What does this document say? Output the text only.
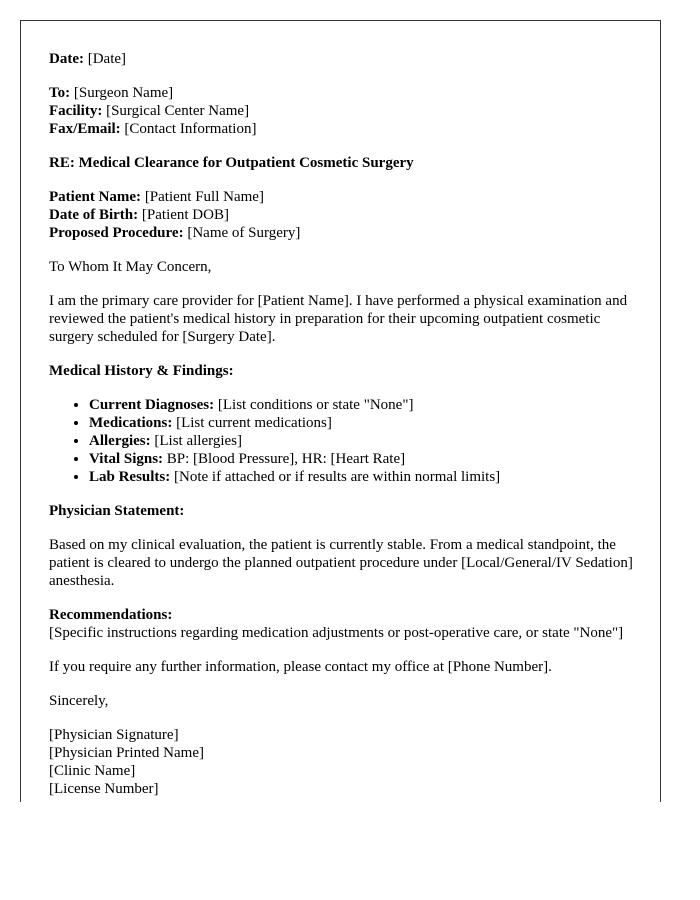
Date: [Date]

To: [Surgeon Name]
Facility: [Surgical Center Name]
Fax/Email: [Contact Information]

RE: Medical Clearance for Outpatient Cosmetic Surgery

Patient Name: [Patient Full Name]
Date of Birth: [Patient DOB]
Proposed Procedure: [Name of Surgery]

To Whom It May Concern,

I am the primary care provider for [Patient Name]. I have performed a physical examination and reviewed the patient's medical history in preparation for their upcoming outpatient cosmetic surgery scheduled for [Surgery Date].

Medical History & Findings:

• Current Diagnoses: [List conditions or state "None"]
• Medications: [List current medications]
• Allergies: [List allergies]
• Vital Signs: BP: [Blood Pressure], HR: [Heart Rate]
• Lab Results: [Note if attached or if results are within normal limits]

Physician Statement:

Based on my clinical evaluation, the patient is currently stable. From a medical standpoint, the patient is cleared to undergo the planned outpatient procedure under [Local/General/IV Sedation] anesthesia.

Recommendations:
[Specific instructions regarding medication adjustments or post-operative care, or state "None"]

If you require any further information, please contact my office at [Phone Number].

Sincerely,

[Physician Signature]
[Physician Printed Name]
[Clinic Name]
[License Number]
